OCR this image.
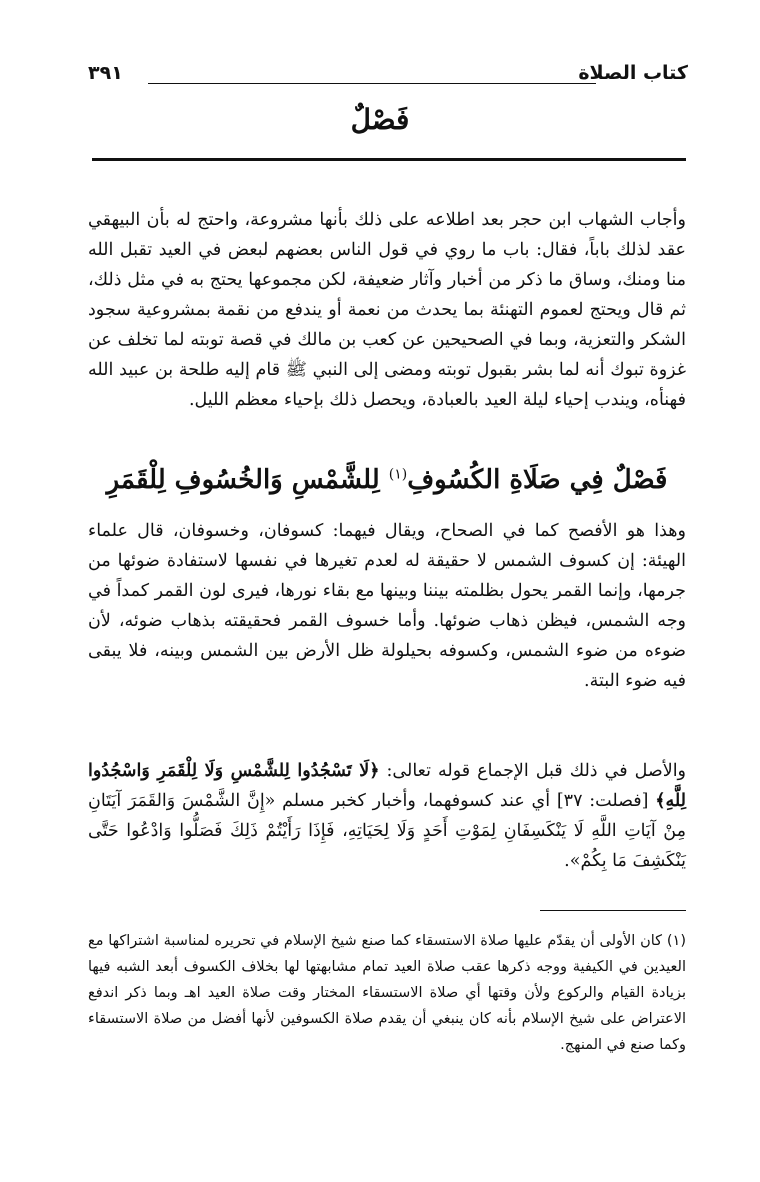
كتاب الصلاة
٣٩١
فَصْلٌ

وأجاب الشهاب ابن حجر بعد اطلاعه على ذلك بأنها مشروعة، واحتج له بأن البيهقي عقد لذلك باباً، فقال: باب ما روي في قول الناس بعضهم لبعض في العيد تقبل الله منا ومنك، وساق ما ذكر من أخبار وآثار ضعيفة، لكن مجموعها يحتج به في مثل ذلك، ثم قال ويحتج لعموم التهنئة بما يحدث من نعمة أو يندفع من نقمة بمشروعية سجود الشكر والتعزية، وبما في الصحيحين عن كعب بن مالك في قصة توبته لما تخلف عن غزوة تبوك أنه لما بشر بقبول توبته ومضى إلى النبي ﷺ قام إليه طلحة بن عبيد الله فهنأه، ويندب إحياء ليلة العيد بالعبادة، ويحصل ذلك بإحياء معظم الليل.

فَصْلٌ فِي صَلَاةِ الكُسُوفِ$^{(١)}$ لِلشَّمْسِ وَالخُسُوفِ لِلْقَمَرِ

وهذا هو الأفصح كما في الصحاح، ويقال فيهما: كسوفان، وخسوفان، قال علماء الهيئة: إن كسوف الشمس لا حقيقة له لعدم تغيرها في نفسها لاستفادة ضوئها من جرمها، وإنما القمر يحول بظلمته بيننا وبينها مع بقاء نورها، فيرى لون القمر كمداً في وجه الشمس، فيظن ذهاب ضوئها. وأما خسوف القمر فحقيقته بذهاب ضوئه، لأن ضوءه من ضوء الشمس، وكسوفه بحيلولة ظل الأرض بين الشمس وبينه، فلا يبقى فيه ضوء البتة.

والأصل في ذلك قبل الإجماع قوله تعالى: ﴿لَا تَسْجُدُوا لِلشَّمْسِ وَلَا لِلْقَمَرِ وَاسْجُدُوا لِلَّهِ﴾ [فصلت: ٣٧] أي عند كسوفهما، وأخبار كخبر مسلم «إِنَّ الشَّمْسَ وَالقَمَرَ آيَتَانِ مِنْ آيَاتِ اللَّهِ لَا يَنْكَسِفَانِ لِمَوْتِ أَحَدٍ وَلَا لِحَيَاتِهِ، فَإِذَا رَأَيْتُمْ ذَلِكَ فَصَلُّوا وَادْعُوا حَتَّى يَنْكَشِفَ مَا بِكُمْ».

(١) كان الأولى أن يقدّم عليها صلاة الاستسقاء كما صنع شيخ الإسلام في تحريره لمناسبة اشتراكها مع العيدين في الكيفية ووجه ذكرها عقب صلاة العيد تمام مشابهتها لها بخلاف الكسوف أبعد الشبه فيها بزيادة القيام والركوع ولأن وقتها أي صلاة الاستسقاء المختار وقت صلاة العيد اهـ وبما ذكر اندفع الاعتراض على شيخ الإسلام بأنه كان ينبغي أن يقدم صلاة الكسوفين لأنها أفضل من صلاة الاستسقاء وكما صنع في المنهج.
